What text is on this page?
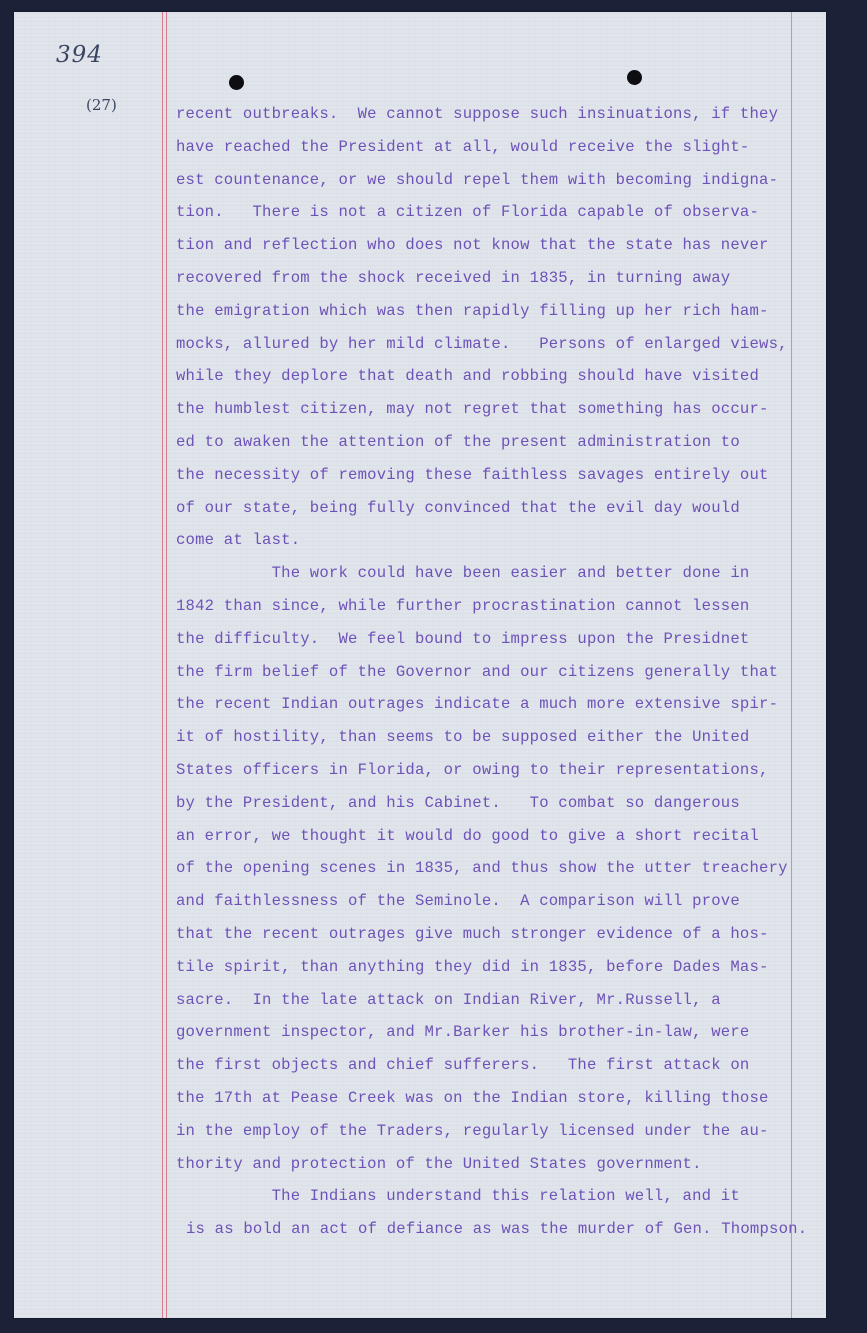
394
(27)	recent outbreaks.  We cannot suppose such insinuations, if they
have reached the President at all, would receive the slight-
est countenance, or we should repel them with becoming indigna-
tion.   There is not a citizen of Florida capable of observa-
tion and reflection who does not know that the state has never
recovered from the shock received in 1835, in turning away
the emigration which was then rapidly filling up her rich ham-
mocks, allured by her mild climate.   Persons of enlarged views,
while they deplore that death and robbing should have visited
the humblest citizen, may not regret that something has occur-
ed to awaken the attention of the present administration to
the necessity of removing these faithless savages entirely out
of our state, being fully convinced that the evil day would
come at last.
The work could have been easier and better done in
1842 than since, while further procrastination cannot lessen
the difficulty.  We feel bound to impress upon the Presidnet
the firm belief of the Governor and our citizens generally that
the recent Indian outrages indicate a much more extensive spir-
it of hostility, than seems to be supposed either the United
States officers in Florida, or owing to their representations,
by the President, and his Cabinet.   To combat so dangerous
an error, we thought it would do good to give a short recital
of the opening scenes in 1835, and thus show the utter treachery
and faithlessness of the Seminole.  A comparison will prove
that the recent outrages give much stronger evidence of a hos-
tile spirit, than anything they did in 1835, before Dades Mas-
sacre.  In the late attack on Indian River, Mr.Russell, a
government inspector, and Mr.Barker his brother-in-law, were
the first objects and chief sufferers.   The first attack on
the 17th at Pease Creek was on the Indian store, killing those
in the employ of the Traders, regularly licensed under the au-
thority and protection of the United States government.
The Indians understand this relation well, and it
is as bold an act of defiance as was the murder of Gen. Thompson.
